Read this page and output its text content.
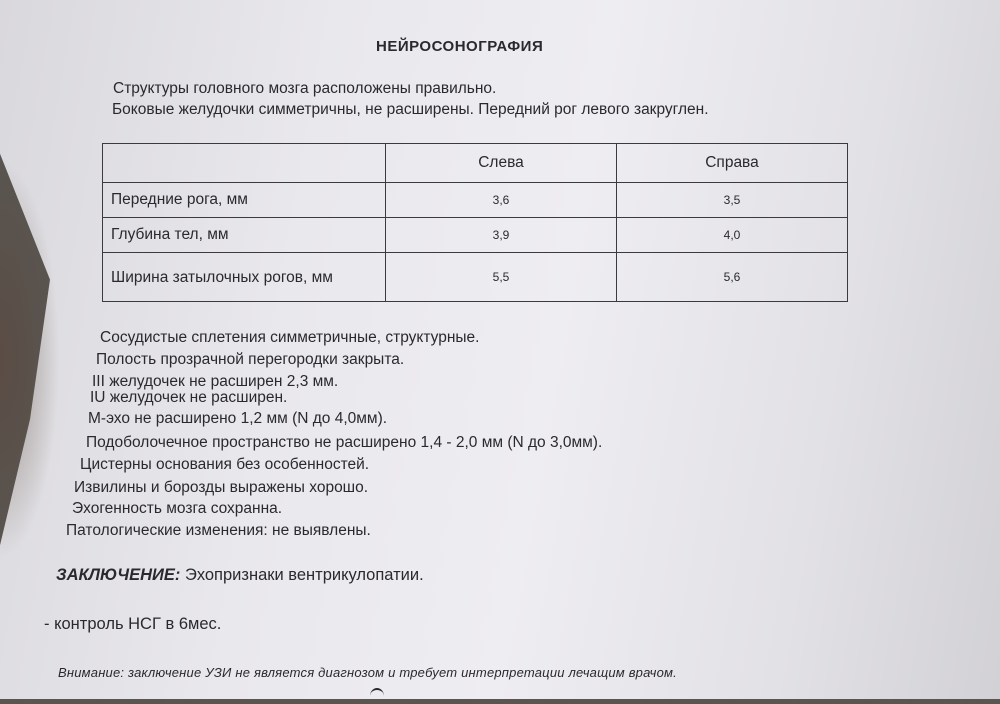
НЕЙРОСОНОГРАФИЯ

Структуры головного мозга расположены правильно.

Боковые желудочки симметричны, не расширены. Передний рог левого закруглен.

	Слева	Справа
Передние рога, мм	3,6	3,5
Глубина тел, мм	3,9	4,0
Ширина затылочных рогов, мм	5,5	5,6

Сосудистые сплетения симметричные, структурные.

Полость прозрачной перегородки закрыта.

III желудочек не расширен 2,3 мм.

IU желудочек не расширен.

М-эхо не расширено 1,2 мм (N до 4,0мм).

Подоболочечное пространство не расширено 1,4 - 2,0 мм (N до 3,0мм).

Цистерны основания без особенностей.

Извилины и борозды выражены хорошо.

Эхогенность мозга сохранна.

Патологические изменения: не выявлены.

ЗАКЛЮЧЕНИЕ: Эхопризнаки вентрикулопатии.

- контроль НСГ в 6мес.

Внимание: заключение УЗИ не является диагнозом и требует интерпретации лечащим врачом.
